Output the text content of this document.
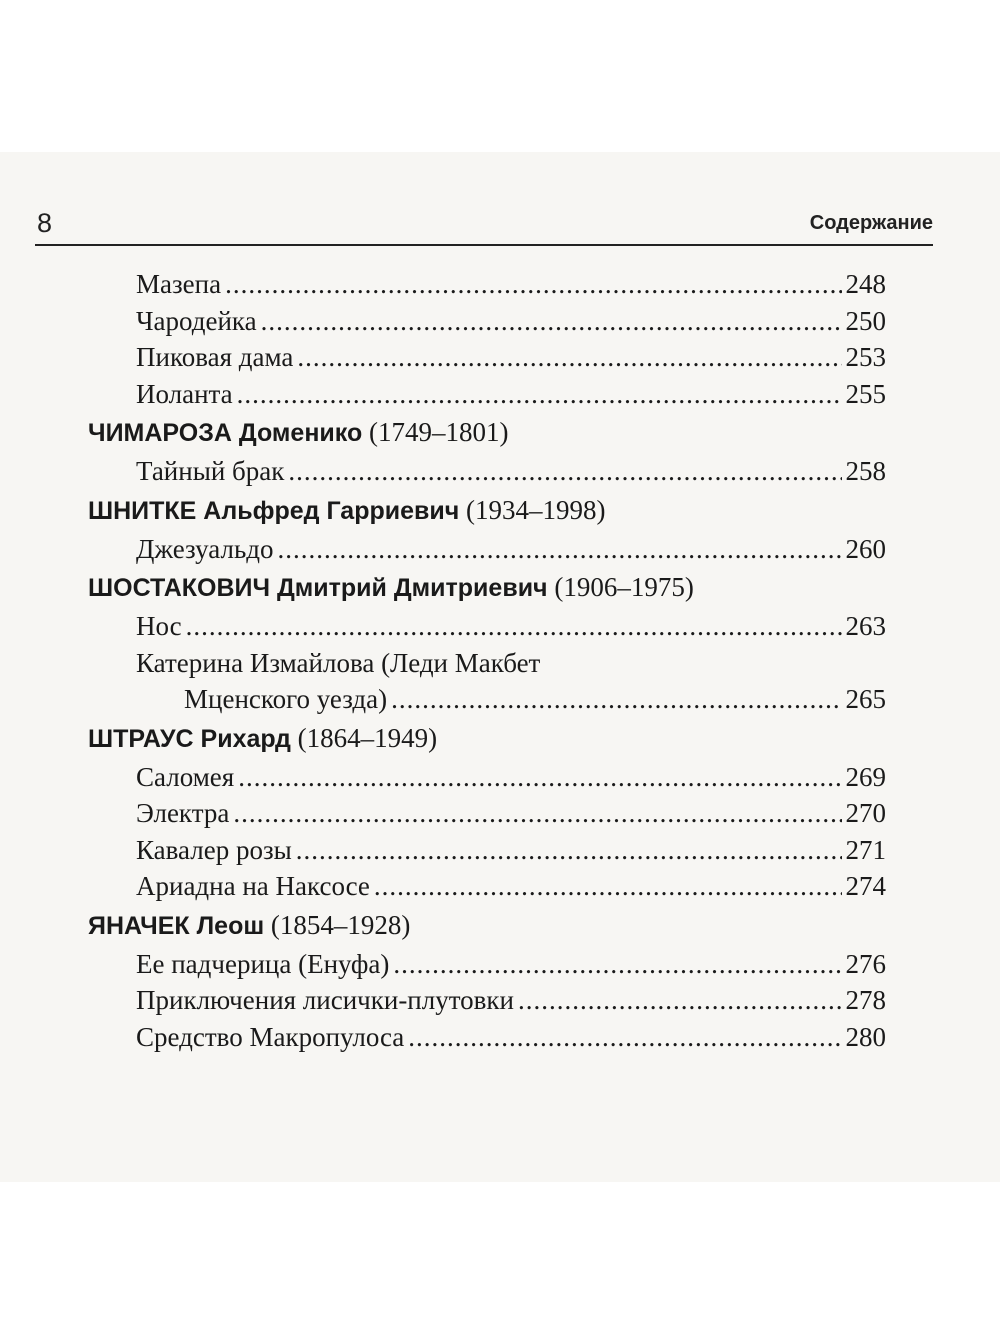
8	Содержание
Мазепа .....	248
Чародейка .....	250
Пиковая дама .....	253
Иоланта .....	255
ЧИМАРОЗА Доменико (1749–1801)
Тайный брак .....	258
ШНИТКЕ Альфред Гарриевич (1934–1998)
Джезуальдо .....	260
ШОСТАКОВИЧ Дмитрий Дмитриевич (1906–1975)
Нос .....	263
Катерина Измайлова (Леди Макбет
Мценского уезда) .....	265
ШТРАУС Рихард (1864–1949)
Саломея .....	269
Электра .....	270
Кавалер розы .....	271
Ариадна на Наксосе .....	274
ЯНАЧЕК Леош (1854–1928)
Ее падчерица (Енуфа) .....	276
Приключения лисички-плутовки .....	278
Средство Макропулоса .....	280
